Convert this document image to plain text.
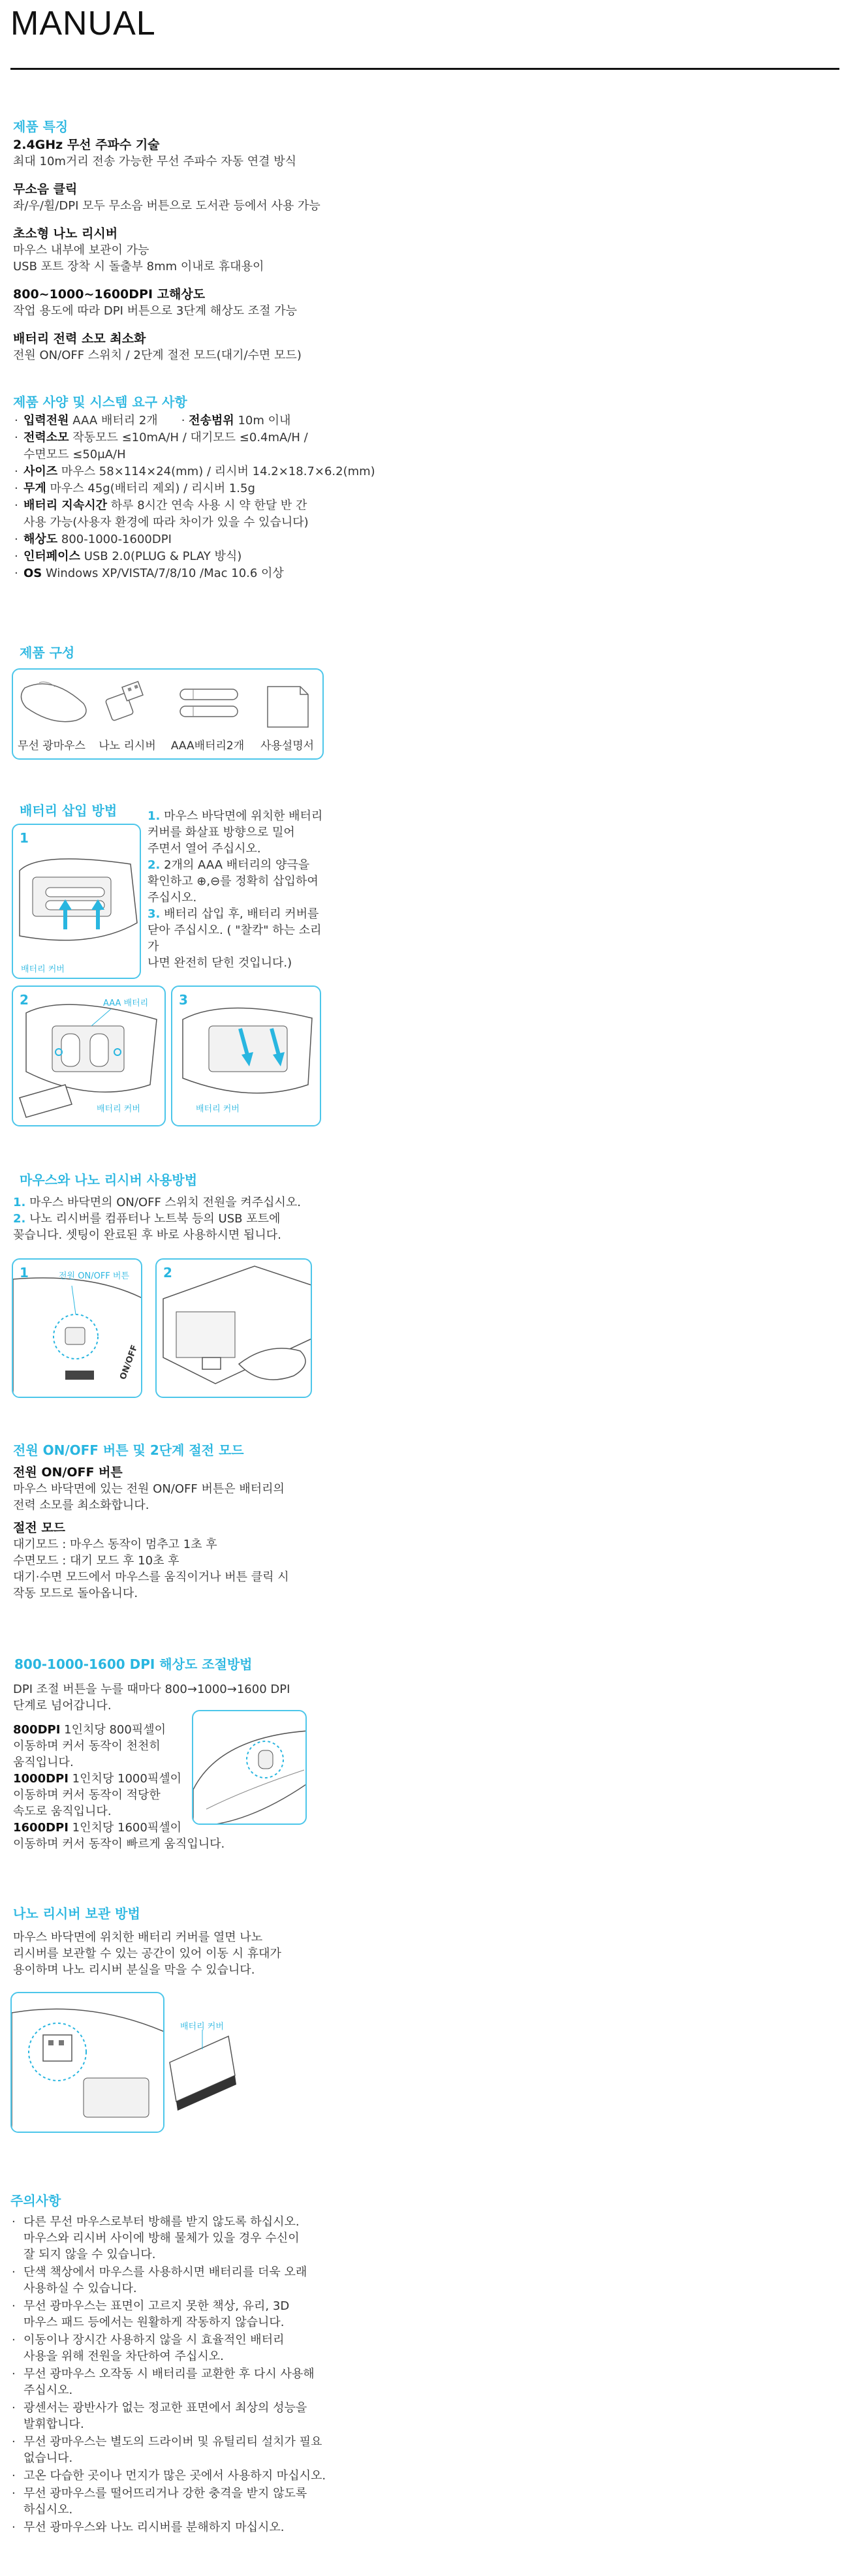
MANUAL
제품 특징
2.4GHz 무선 주파수 기술
최대 10m거리 전송 가능한 무선 주파수 자동 연결 방식
무소음 클릭
좌/우/휠/DPI 모두 무소음 버튼으로 도서관 등에서 사용 가능
초소형 나노 리시버
마우스 내부에 보관이 가능
USB 포트 장착 시 돌출부 8mm 이내로 휴대용이
800~1000~1600DPI 고해상도
작업 용도에 따라 DPI 버튼으로 3단계 해상도 조절 가능
배터리 전력 소모 최소화
전원 ON/OFF 스위치 / 2단계 절전 모드(대기/수면 모드)
제품 사양 및 시스템 요구 사항
· 입력전원 AAA 배터리 2개 · 전송범위 10m 이내
· 전력소모 작동모드 ≤10mA/H / 대기모드 ≤0.4mA/H /
수면모드 ≤50μA/H
· 사이즈 마우스 58×114×24(mm) / 리시버 14.2×18.7×6.2(mm)
· 무게 마우스 45g(배터리 제외) / 리시버 1.5g
· 배터리 지속시간 하루 8시간 연속 사용 시 약 한달 반 간
사용 가능(사용자 환경에 따라 차이가 있을 수 있습니다)
· 해상도 800-1000-1600DPI
· 인터페이스 USB 2.0(PLUG & PLAY 방식)
· OS Windows XP/VISTA/7/8/10 /Mac 10.6 이상
제품 구성
무선 광마우스	나노 리시버	AAA배터리2개	사용설명서
배터리 삽입 방법
1
배터리 커버
1. 마우스 바닥면에 위치한 배터리
커버를 화살표 방향으로 밀어
주면서 열어 주십시오.
2. 2개의 AAA 배터리의 양극을
확인하고 ⊕,⊖를 정확히 삽입하여
주십시오.
3. 배터리 삽입 후, 배터리 커버를
닫아 주십시오. ( "찰칵" 하는 소리가
나면 완전히 닫힌 것입니다.)
2	AAA 배터리
배터리 커버
3
배터리 커버
마우스와 나노 리시버 사용방법
1. 마우스 바닥면의 ON/OFF 스위치 전원을 켜주십시오.
2. 나노 리시버를 컴퓨터나 노트북 등의 USB 포트에
꽂습니다. 셋팅이 완료된 후 바로 사용하시면 됩니다.
1	전원 ON/OFF 버튼
ON/OFF
2
전원 ON/OFF 버튼 및 2단계 절전 모드
전원 ON/OFF 버튼
마우스 바닥면에 있는 전원 ON/OFF 버튼은 배터리의
전력 소모를 최소화합니다.
절전 모드
대기모드 : 마우스 동작이 멈추고 1초 후
수면모드 : 대기 모드 후 10초 후
대기·수면 모드에서 마우스를 움직이거나 버튼 클릭 시
작동 모드로 돌아옵니다.
800-1000-1600 DPI 해상도 조절방법
DPI 조절 버튼을 누를 때마다 800→1000→1600 DPI
단계로 넘어갑니다.
800DPI 1인치당 800픽셀이
이동하며 커서 동작이 천천히
움직입니다.
1000DPI 1인치당 1000픽셀이
이동하며 커서 동작이 적당한
속도로 움직입니다.
1600DPI 1인치당 1600픽셀이
이동하며 커서 동작이 빠르게 움직입니다.
나노 리시버 보관 방법
마우스 바닥면에 위치한 배터리 커버를 열면 나노
리시버를 보관할 수 있는 공간이 있어 이동 시 휴대가
용이하며 나노 리시버 분실을 막을 수 있습니다.
배터리 커버
주의사항
· 다른 무선 마우스로부터 방해를 받지 않도록 하십시오.
마우스와 리시버 사이에 방해 물체가 있을 경우 수신이
잘 되지 않을 수 있습니다.
· 단색 책상에서 마우스를 사용하시면 배터리를 더욱 오래
사용하실 수 있습니다.
· 무선 광마우스는 표면이 고르지 못한 책상, 유리, 3D
마우스 패드 등에서는 원활하게 작동하지 않습니다.
· 이동이나 장시간 사용하지 않을 시 효율적인 배터리
사용을 위해 전원을 차단하여 주십시오.
· 무선 광마우스 오작동 시 배터리를 교환한 후 다시 사용해
주십시오.
· 광센서는 광반사가 없는 정교한 표면에서 최상의 성능을
발휘합니다.
· 무선 광마우스는 별도의 드라이버 및 유틸리티 설치가 필요
없습니다.
· 고온 다습한 곳이나 먼지가 많은 곳에서 사용하지 마십시오.
· 무선 광마우스를 떨어뜨리거나 강한 충격을 받지 않도록
하십시오.
· 무선 광마우스와 나노 리시버를 분해하지 마십시오.
